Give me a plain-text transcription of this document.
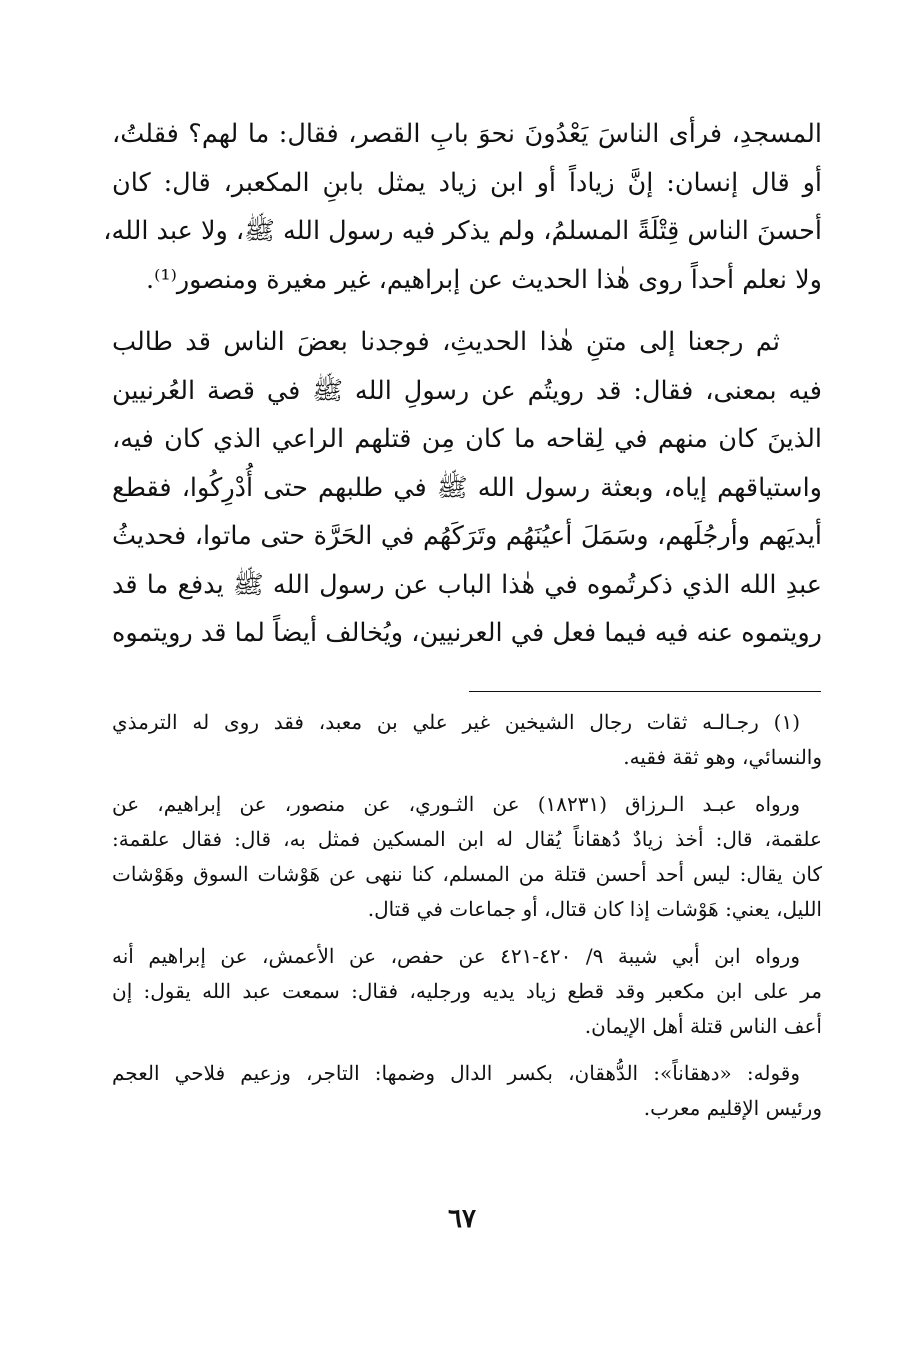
المسجدِ، فرأى الناسَ يَعْدُونَ نحوَ بابِ القصر، فقال: ما لهم؟ فقلتُ،
أو قال إنسان: إنَّ زياداً أو ابن زياد يمثل بابنِ المكعبر، قال: كان
أحسنَ الناس قِتْلَةً المسلمُ، ولم يذكر فيه رسول الله ﷺ، ولا عبد الله،
ولا نعلم أحداً روى هٰذا الحديث عن إبراهيم، غير مغيرة ومنصور⁽¹⁾.
ثم رجعنا إلى متنِ هٰذا الحديثِ، فوجدنا بعضَ الناس قد طالب
فيه بمعنى، فقال: قد رويتُم عن رسولِ الله ﷺ في قصة العُرنيين
الذينَ كان منهم في لِقاحه ما كان مِن قتلهم الراعي الذي كان فيه،
واستياقهم إياه، وبعثة رسول الله ﷺ في طلبهم حتى أُدْرِكُوا، فقطع
أيديَهم وأرجُلَهم، وسَمَلَ أعيُنَهُم وتَرَكَهُم في الحَرَّة حتى ماتوا، فحديثُ
عبدِ الله الذي ذكرتُموه في هٰذا الباب عن رسول الله ﷺ يدفع ما قد
رويتموه عنه فيه فيما فعل في العرنيين، ويُخالف أيضاً لما قد رويتموه
(١) رجـالـه ثقات رجال الشيخين غير علي بن معبد، فقد روى له الترمذي
والنسائي، وهو ثقة فقيه.
ورواه عبـد الـرزاق (١٨٢٣١) عن الثـوري، عن منصور، عن إبراهيم، عن
علقمة، قال: أخذ زيادٌ دُهقاناً يُقال له ابن المسكين فمثل به، قال: فقال علقمة:
كان يقال: ليس أحد أحسن قتلة من المسلم، كنا ننهى عن هَوْشات السوق وهَوْشات
الليل، يعني: هَوْشات إذا كان قتال، أو جماعات في قتال.
ورواه ابن أبي شيبة ٩/ ٤٢٠-٤٢١ عن حفص، عن الأعمش، عن إبراهيم أنه
مر على ابن مكعبر وقد قطع زياد يديه ورجليه، فقال: سمعت عبد الله يقول: إن
أعف الناس قتلة أهل الإيمان.
وقوله: «دهقاناً»: الدُّهقان، بكسر الدال وضمها: التاجر، وزعيم فلاحي العجم
ورئيس الإقليم معرب.
٦٧
